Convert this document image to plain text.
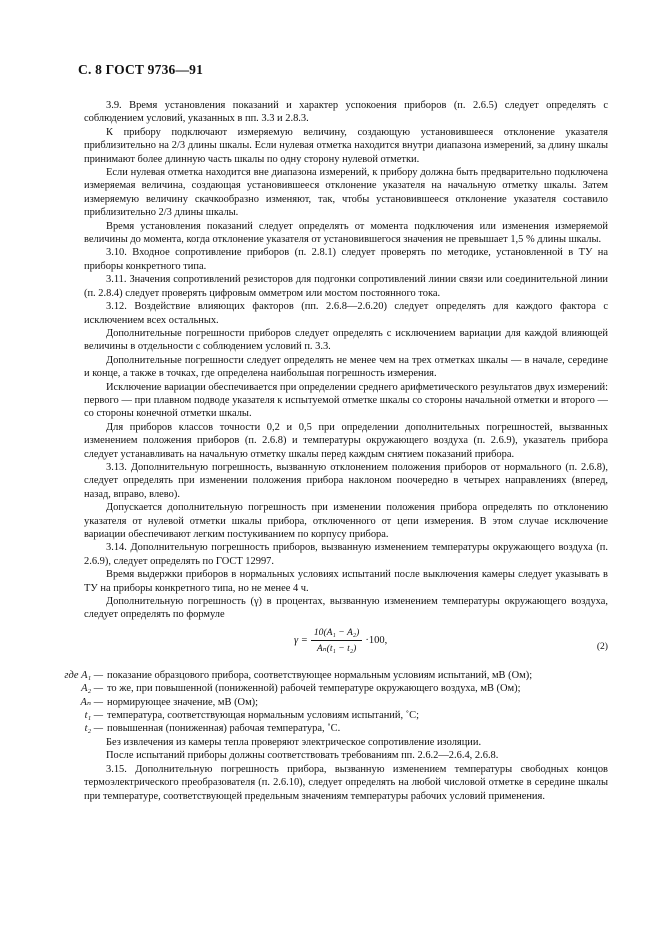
С. 8 ГОСТ 9736—91

3.9. Время установления показаний и характер успокоения приборов (п. 2.6.5) следует определять с соблюдением условий, указанных в пп. 3.3 и 2.8.3.

К прибору подключают измеряемую величину, создающую установившееся отклонение указателя приблизительно на 2/3 длины шкалы. Если нулевая отметка находится внутри диапазона измерений, за длину шкалы принимают более длинную часть шкалы по одну сторону нулевой отметки.

Если нулевая отметка находится вне диапазона измерений, к прибору должна быть предварительно подключена измеряемая величина, создающая установившееся отклонение указателя на начальную отметку шкалы. Затем измеряемую величину скачкообразно изменяют, так, чтобы установившееся отклонение указателя составило приблизительно 2/3 длины шкалы.

Время установления показаний следует определять от момента подключения или изменения измеряемой величины до момента, когда отклонение указателя от установившегося значения не превышает 1,5 % длины шкалы.

3.10. Входное сопротивление приборов (п. 2.8.1) следует проверять по методике, установленной в ТУ на приборы конкретного типа.

3.11. Значения сопротивлений резисторов для подгонки сопротивлений линии связи или соединительной линии (п. 2.8.4) следует проверять цифровым омметром или мостом постоянного тока.

3.12. Воздействие влияющих факторов (пп. 2.6.8—2.6.20) следует определять для каждого фактора с исключением всех остальных.

Дополнительные погрешности приборов следует определять с исключением вариации для каждой влияющей величины в отдельности с соблюдением условий п. 3.3.

Дополнительные погрешности следует определять не менее чем на трех отметках шкалы — в начале, середине и конце, а также в точках, где определена наибольшая погрешность измерения.

Исключение вариации обеспечивается при определении среднего арифметического результатов двух измерений: первого — при плавном подводе указателя к испытуемой отметке шкалы со стороны начальной отметки и второго — со стороны конечной отметки шкалы.

Для приборов классов точности 0,2 и 0,5 при определении дополнительных погрешностей, вызванных изменением положения приборов (п. 2.6.8) и температуры окружающего воздуха (п. 2.6.9), указатель прибора следует устанавливать на начальную отметку шкалы перед каждым снятием показаний прибора.

3.13. Дополнительную погрешность, вызванную отклонением положения приборов от нормального (п. 2.6.8), следует определять при изменении положения прибора наклоном поочередно в четырех направлениях (вперед, назад, вправо, влево).

Допускается дополнительную погрешность при изменении положения прибора определять по отклонению указателя от нулевой отметки шкалы прибора, отключенного от цепи измерения. В этом случае исключение вариации обеспечивают легким постукиванием по корпусу прибора.

3.14. Дополнительную погрешность приборов, вызванную изменением температуры окружающего воздуха (п. 2.6.9), следует определять по ГОСТ 12997.

Время выдержки приборов в нормальных условиях испытаний после выключения камеры следует указывать в ТУ на приборы конкретного типа, но не менее 4 ч.

Дополнительную погрешность (γ) в процентах, вызванную изменением температуры окружающего воздуха, следует определять по формуле

$\gamma = \frac{\text{10(A₁ − A₂)}}{\text{Aₙ(t₁ − t₂)}} \cdot 100$,
(2)
где A₁ — показание образцового прибора, соответствующее нормальным условиям испытаний, мВ (Ом);
A₂ — то же, при повышенной (пониженной) рабочей температуре окружающего воздуха, мВ (Ом);
Aₙ — нормирующее значение, мВ (Ом);
t₁ — температура, соответствующая нормальным условиям испытаний, ˚С;
t₂ — повышенная (пониженная) рабочая температура, ˚С.

Без извлечения из камеры тепла проверяют электрическое сопротивление изоляции.

После испытаний приборы должны соответствовать требованиям пп. 2.6.2—2.6.4, 2.6.8.

3.15. Дополнительную погрешность прибора, вызванную изменением температуры свободных концов термоэлектрического преобразователя (п. 2.6.10), следует определять на любой числовой отметке в середине шкалы при температуре, соответствующей предельным значениям температуры рабочих условий применения.
